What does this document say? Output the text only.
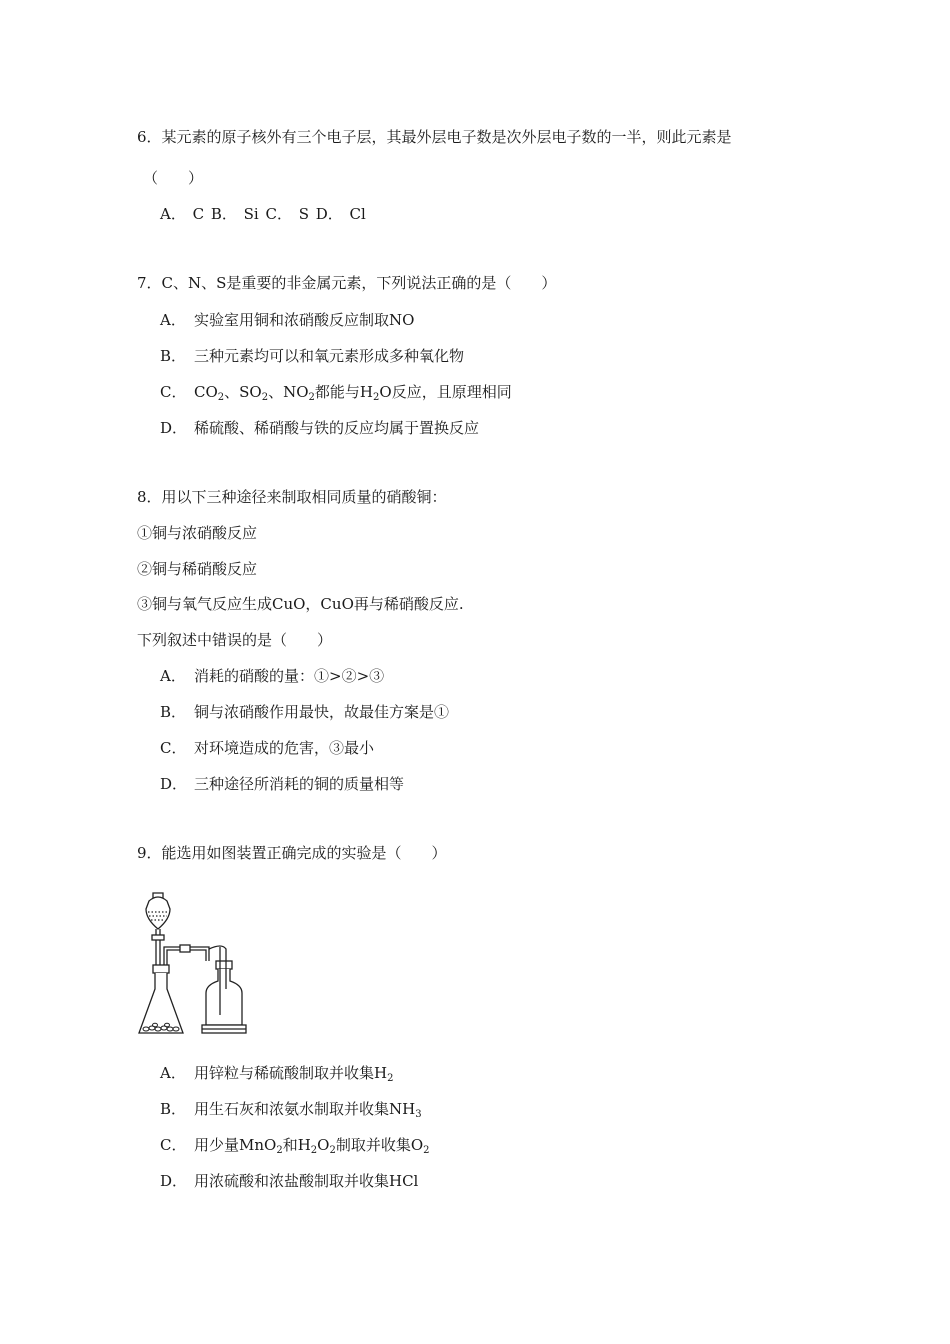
6．某元素的原子核外有三个电子层，其最外层电子数是次外层电子数的一半，则此元素是
（　　）
A． C B． Si C． S D． Cl
7．C、N、S是重要的非金属元素，下列说法正确的是（　　）
A． 实验室用铜和浓硝酸反应制取NO
B． 三种元素均可以和氧元素形成多种氧化物
C． $CO_2$、$SO_2$、$NO_2$都能与$H_2O$反应，且原理相同
D． 稀硫酸、稀硝酸与铁的反应均属于置换反应
8．用以下三种途径来制取相同质量的硝酸铜：
①铜与浓硝酸反应
②铜与稀硝酸反应
③铜与氧气反应生成CuO，CuO再与稀硝酸反应.
下列叙述中错误的是（　　）
A． 消耗的硝酸的量：①>②>③
B． 铜与浓硝酸作用最快，故最佳方案是①
C． 对环境造成的危害，③最小
D． 三种途径所消耗的铜的质量相等
9．能选用如图装置正确完成的实验是（　　）
A． 用锌粒与稀硫酸制取并收集$H_2$
B． 用生石灰和浓氨水制取并收集$NH_3$
C． 用少量MnO$_2$和$H_2O_2$制取并收集$O_2$
D． 用浓硫酸和浓盐酸制取并收集HCl
